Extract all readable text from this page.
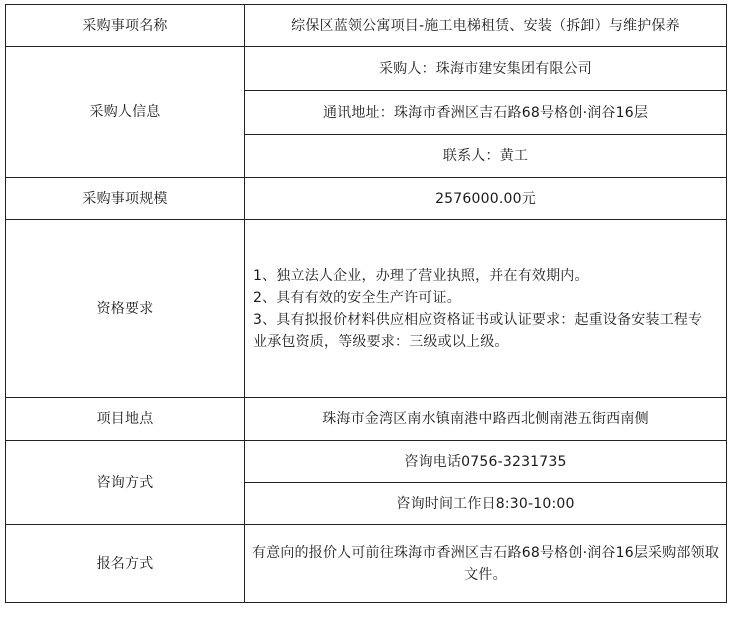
采购事项名称	综保区蓝领公寓项目-施工电梯租赁、安装（拆卸）与维护保养
采购人信息	采购人：珠海市建安集团有限公司
	通讯地址：珠海市香洲区吉石路68号格创·润谷16层
	联系人：黄工
采购事项规模	2576000.00元
资格要求	1、独立法人企业，办理了营业执照，并在有效期内。
2、具有有效的安全生产许可证。
3、具有拟报价材料供应相应资格证书或认证要求：起重设备安装工程专业承包资质，等级要求：三级或以上级。

项目地点	珠海市金湾区南水镇南港中路西北侧南港五街西南侧
咨询方式	咨询电话0756-3231735
	咨询时间工作日8:30-10:00
报名方式	有意向的报价人可前往珠海市香洲区吉石路68号格创·润谷16层采购部领取文件。
